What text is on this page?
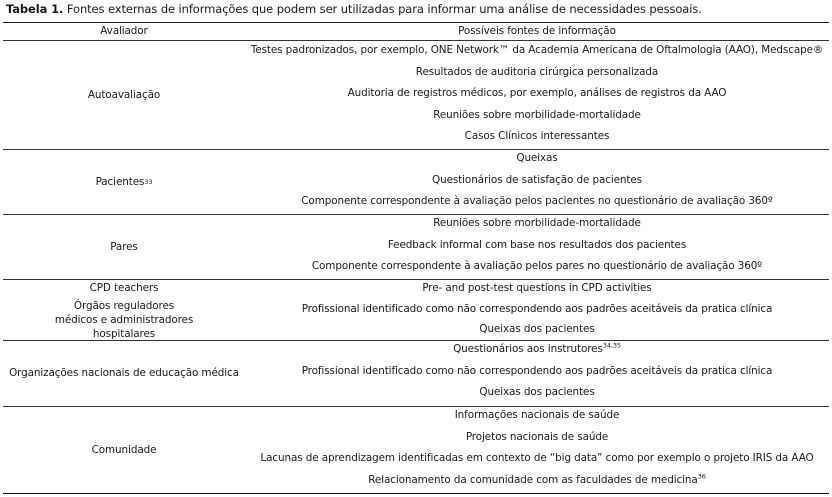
Tabela 1. Fontes externas de informações que podem ser utilizadas para informar uma análise de necessidades pessoais.
Avaliador	Possíveis fontes de informação
Autoavaliação
Testes padronizados, por exemplo, ONE Network™ da Academia Americana de Oftalmologia (AAO), Medscape®
Resultados de auditoria cirúrgica personalizada
Auditoria de registros médicos, por exemplo, análises de registros da AAO
Reuniões sobre morbilidade-mortalidade
Casos Clínicos interessantes
Pacientes 33
Queixas
Questionários de satisfação de pacientes
Componente correspondente à avaliação pelos pacientes no questionário de avaliação 360º
Pares
Reuniões sobre morbilidade-mortalidade
Feedback informal com base nos resultados dos pacientes
Componente correspondente à avaliação pelos pares no questionário de avaliação 360º
CPD teachers
Órgãos reguladores médicos e administradores hospitalares
Pre- and post-test questions in CPD activities
Profissional identificado como não correspondendo aos padrões aceitáveis da pratica clínica
Queixas dos pacientes
Organizações nacionais de educação médica
Questionários aos instrutores$^{34,35}$
Profissional identificado como não correspondendo aos padrões aceitáveis da pratica clínica
Queixas dos pacientes
Comunidade
Informações nacionais de saúde
Projetos nacionais de saúde
Lacunas de aprendizagem identificadas em contexto de “big data” como por exemplo o projeto IRIS da AAO
Relacionamento da comunidade com as faculdades de medicina$^{36}$
